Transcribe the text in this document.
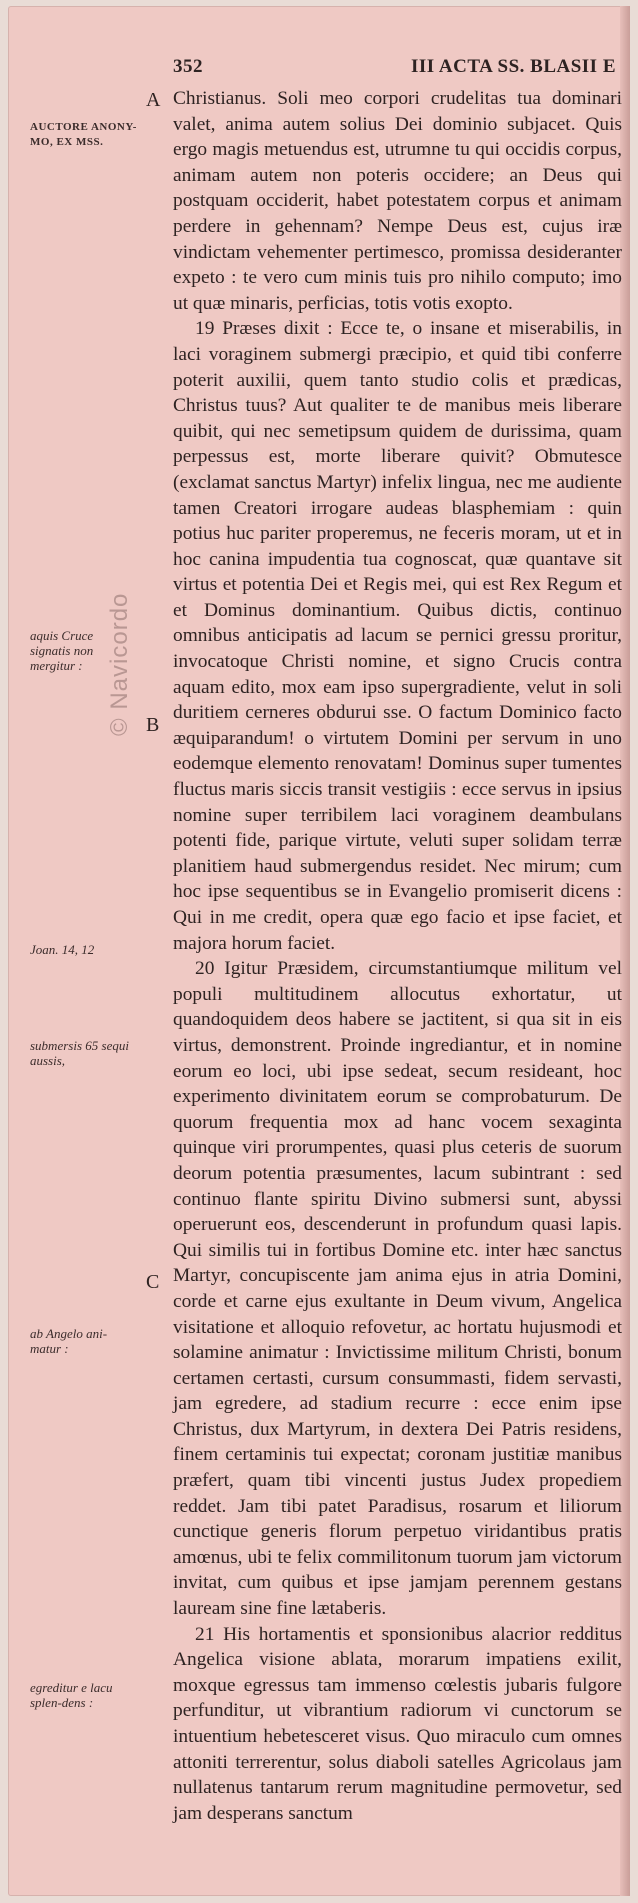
352	III ACTA SS. BLASII E
A
B
C
AUCTORE ANONY-MO, EX MSS.
aquis Cruce signatis non mergitur :
Joan. 14, 12
submersis 65 sequi aussis,
ab Angelo ani-matur :
egreditur e lacu splen-dens :
© Navicordo

Christianus. Soli meo corpori crudelitas tua dominari valet, anima autem solius Dei dominio subjacet. Quis ergo magis metuendus est, utrumne tu qui occidis corpus, animam autem non poteris occidere; an Deus qui postquam occiderit, habet potestatem corpus et animam perdere in gehennam? Nempe Deus est, cujus iræ vindictam vehementer pertimesco, promissa desideranter expeto : te vero cum minis tuis pro nihilo computo; imo ut quæ minaris, perficias, totis votis exopto.

19 Præses dixit : Ecce te, o insane et miserabilis, in laci voraginem submergi præcipio, et quid tibi conferre poterit auxilii, quem tanto studio colis et prædicas, Christus tuus? Aut qualiter te de manibus meis liberare quibit, qui nec semetipsum quidem de durissima, quam perpessus est, morte liberare quivit? Obmutesce (exclamat sanctus Martyr) infelix lingua, nec me audiente tamen Creatori irrogare audeas blasphemiam : quin potius huc pariter properemus, ne feceris moram, ut et in hoc canina impudentia tua cognoscat, quæ quantave sit virtus et potentia Dei et Regis mei, qui est Rex Regum et et Dominus dominantium. Quibus dictis, continuo omnibus anticipatis ad lacum se pernici gressu proritur, invocatoque Christi nomine, et signo Crucis contra aquam edito, mox eam ipso supergradiente, velut in soli duritiem cerneres obdurui sse. O factum Dominico facto æquiparandum! o virtutem Domini per servum in uno eodemque elemento renovatam! Dominus super tumentes fluctus maris siccis transit vestigiis : ecce servus in ipsius nomine super terribilem laci voraginem deambulans potenti fide, parique virtute, veluti super solidam terræ planitiem haud submergendus residet. Nec mirum; cum hoc ipse sequentibus se in Evangelio promiserit dicens : Qui in me credit, opera quæ ego facio et ipse faciet, et majora horum faciet.

20 Igitur Præsidem, circumstantiumque militum vel populi multitudinem allocutus exhortatur, ut quandoquidem deos habere se jactitent, si qua sit in eis virtus, demonstrent. Proinde ingrediantur, et in nomine eorum eo loci, ubi ipse sedeat, secum resideant, hoc experimento divinitatem eorum se comprobaturum. De quorum frequentia mox ad hanc vocem sexaginta quinque viri prorumpentes, quasi plus ceteris de suorum deorum potentia præsumentes, lacum subintrant : sed continuo flante spiritu Divino submersi sunt, abyssi operuerunt eos, descenderunt in profundum quasi lapis. Qui similis tui in fortibus Domine etc. inter hæc sanctus Martyr, concupiscente jam anima ejus in atria Domini, corde et carne ejus exultante in Deum vivum, Angelica visitatione et alloquio refovetur, ac hortatu hujusmodi et solamine animatur : Invictissime militum Christi, bonum certamen certasti, cursum consummasti, fidem servasti, jam egredere, ad stadium recurre : ecce enim ipse Christus, dux Martyrum, in dextera Dei Patris residens, finem certaminis tui expectat; coronam justitiæ manibus præfert, quam tibi vincenti justus Judex propediem reddet. Jam tibi patet Paradisus, rosarum et liliorum cunctique generis florum perpetuo viridantibus pratis amœnus, ubi te felix commilitonum tuorum jam victorum invitat, cum quibus et ipse jamjam perennem gestans lauream sine fine lætaberis.

21 His hortamentis et sponsionibus alacrior redditus Angelica visione ablata, morarum impatiens exilit, moxque egressus tam immenso cœlestis jubaris fulgore perfunditur, ut vibrantium radiorum vi cunctorum se intuentium hebetesceret visus. Quo miraculo cum omnes attoniti terrerentur, solus diaboli satelles Agricolaus jam nullatenus tantarum rerum magnitudine permovetur, sed jam desperans sanctum
